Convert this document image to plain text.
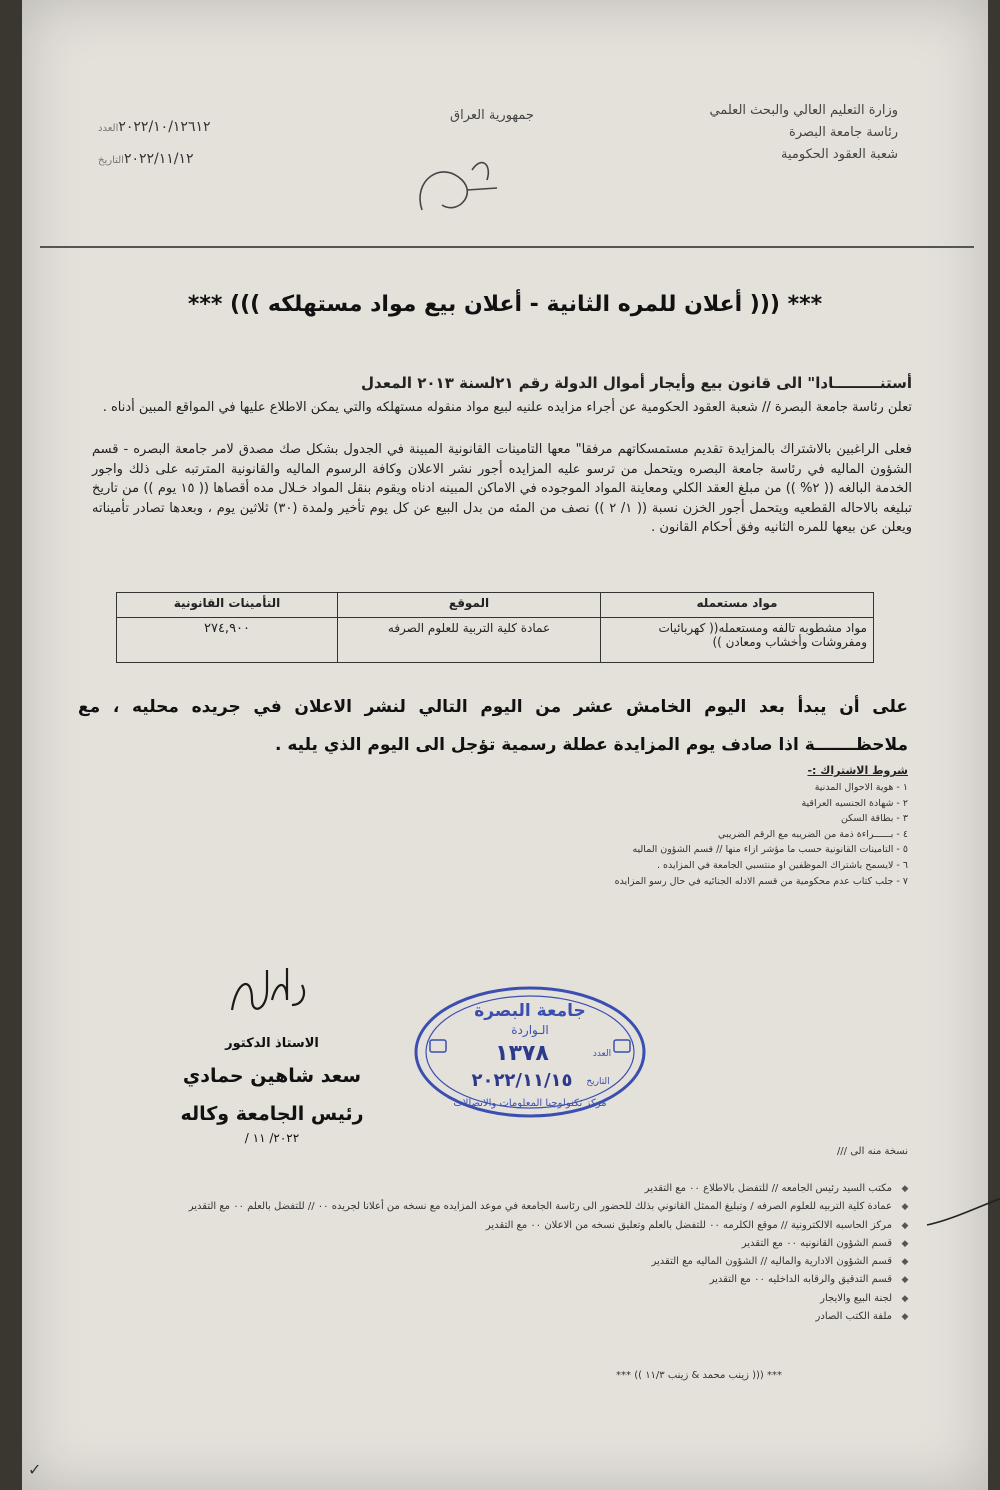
وزارة التعليم العالي والبحث العلمي
رئاسة جامعة البصرة
شعبة العقود الحكومية
جمهورية العراق
٢٠٢٢/١٠/١٢٦١٢العدد
٢٠٢٢/١١/١٢التاريخ
*** ((( أعلان للمره الثانية - أعلان بيع مواد مستهلكه ))) ***
أستنـــــــــادا" الى قانون بيع وأيجار أموال الدولة رقم ٢١لسنة ٢٠١٣ المعدل
تعلن رئاسة جامعة البصرة // شعبة العقود الحكومية عن أجراء مزايده علنيه لبيع مواد منقوله مستهلكه والتي يمكن الاطلاع عليها في المواقع المبين أدناه .
فعلى الراغبين بالاشتراك بالمزايدة تقديم مستمسكاتهم مرفقا" معها التامينات القانونية المبينة في الجدول بشكل صك مصدق لامر جامعة البصره - قسم الشؤون الماليه في رئاسة جامعة البصره ويتحمل من ترسو عليه المزايده أجور نشر الاعلان وكافة الرسوم الماليه والقانونية المترتبه على ذلك واجور الخدمة البالغه (( ٢% )) من مبلغ العقد الكلي ومعاينة المواد الموجوده في الاماكن المبينه ادناه ويقوم بنقل المواد خـلال مده أقصاها (( ١٥ يوم )) من تاريخ تبليغه بالاحاله القطعيه ويتحمل أجور الخزن نسبة (( ١/ ٢ )) نصف من المئه من بدل البيع عن كل يوم تأخير ولمدة (٣٠) ثلاثين يوم ، وبعدها تصادر تأميناته ويعلن عن بيعها للمره الثانيه وفق أحكام القانون .
مواد مستعمله	الموقع	التأمينات القانونية
مواد مشطوبه تالفه ومستعمله(( كهربائيات ومفروشات وأخشاب ومعادن ))	عمادة كلية التربية للعلوم الصرفه	٢٧٤,٩٠٠
على أن يبدأ بعد اليوم الخامش عشر من اليوم التالي لنشر الاعلان في جريده محليه ، مع ملاحظـــــــة اذا صادف يوم المزايدة عطلة رسمية تؤجل الى اليوم الذي يليه .
شروط الاشتراك :-
١ - هوية الاحوال المدنية
٢ - شهادة الجنسيه العراقية
٣ - بطاقة السكن
٤ - بــــــراءة ذمة من الضريبه مع الرقم الضريبي
٥ - التامينات القانونية حسب ما مؤشر ازاء منها // قسم الشؤون الماليه
٦ - لايسمح باشتراك الموظفين او منتسبي الجامعة في المزايده .
٧ - جلب كتاب عدم محكومية من قسم الادله الجنائيه في حال رسو المزايده
الاستاذ الدكتور
سعد شاهين حمادي
رئيس الجامعة وكاله
٢٠٢٢/ ١١ /
جامعة البصرة
الـواردة
العدد
١٣٧٨
التاريخ
٢٠٢٢/١١/١٥
مركز تكنولوجيا المعلومات والاتصالات
نسخة منه الى ///
◆مكتب السيد رئيس الجامعه // للتفضل بالاطلاع ٠٠ مع التقدير
◆عمادة كلية التربيه للعلوم الصرفه / وتبليغ الممثل القانوني بذلك للحضور الى رئاسة الجامعة في موعد المزايده مع نسخه من أعلانا لجريده ٠٠ // للتفضل بالعلم ٠٠ مع التقدير
◆مركز الحاسبه الالكترونية // موقع الكلرمه ٠٠ للتفضل بالعلم وتعليق نسخه من الاعلان ٠٠ مع التقدير
◆قسم الشؤون القانونيه ٠٠ مع التقدير
◆قسم الشؤون الادارية والماليه // الشؤون الماليه مع التقدير
◆قسم التدقيق والرقابه الداخليه ٠٠ مع التقدير
◆لجنة البيع والايجار
◆ملفة الكتب الصادر
*** ((( زينب محمد & زينب ١١/٣ )) ***
✓
